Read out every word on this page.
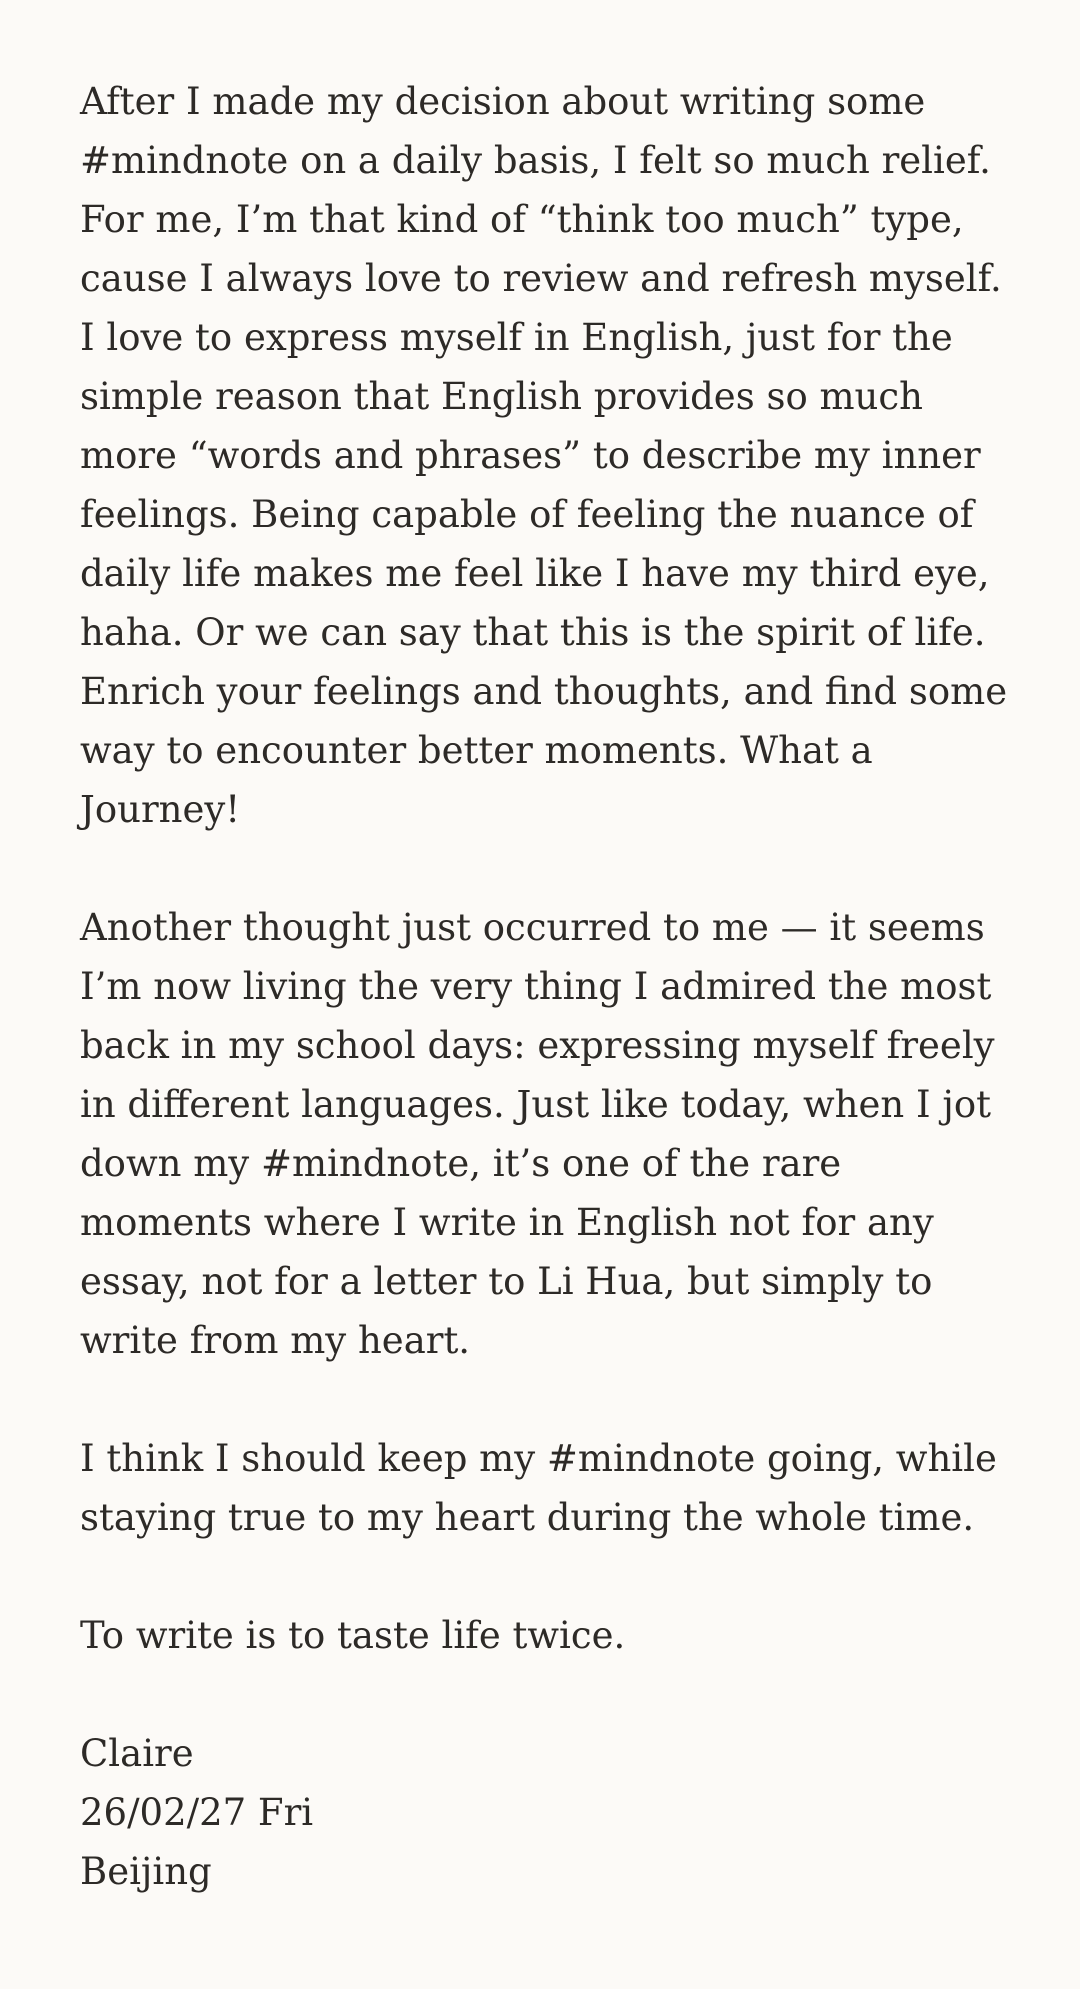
After I made my decision about writing some #mindnote on a daily basis, I felt so much relief. For me, I’m that kind of “think too much” type, cause I always love to review and refresh myself. I love to express myself in English, just for the simple reason that English provides so much more “words and phrases” to describe my inner feelings. Being capable of feeling the nuance of daily life makes me feel like I have my third eye, haha. Or we can say that this is the spirit of life. Enrich your feelings and thoughts, and find some way to encounter better moments. What a Journey!

Another thought just occurred to me — it seems I’m now living the very thing I admired the most back in my school days: expressing myself freely in different languages. Just like today, when I jot down my #mindnote, it’s one of the rare moments where I write in English not for any essay, not for a letter to Li Hua, but simply to write from my heart.

I think I should keep my #mindnote going, while staying true to my heart during the whole time.

To write is to taste life twice.

Claire
26/02/27 Fri
Beijing
